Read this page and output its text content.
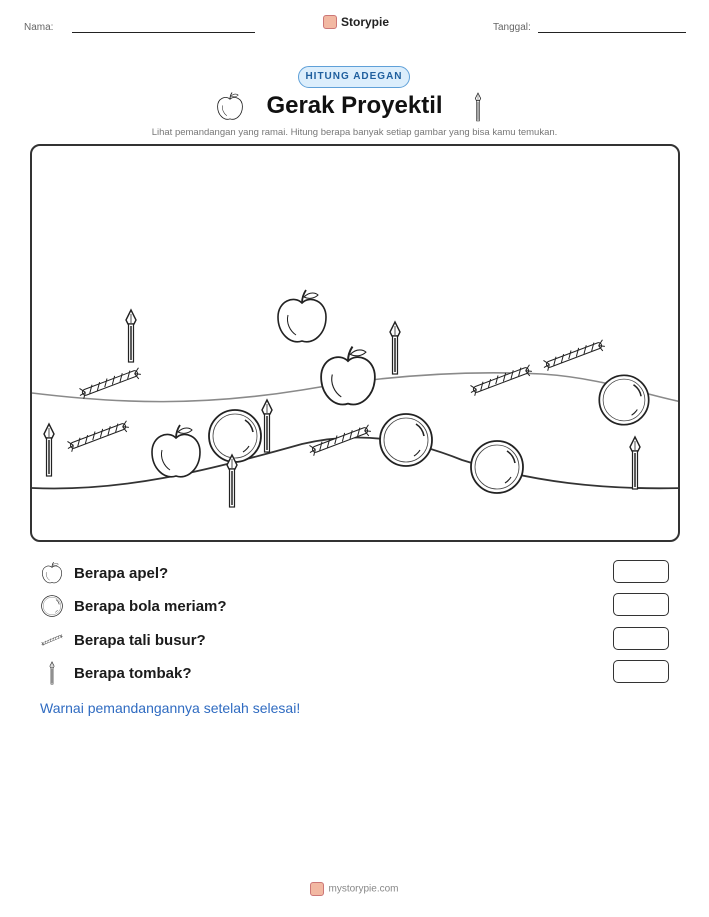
Nama:	Storypie	Tanggal:
HITUNG ADEGAN
Gerak Proyektil
Lihat pemandangan yang ramai. Hitung berapa banyak setiap gambar yang bisa kamu temukan.
Berapa apel?
Berapa bola meriam?
Berapa tali busur?
Berapa tombak?
Warnai pemandangannya setelah selesai!
mystorypie.com
